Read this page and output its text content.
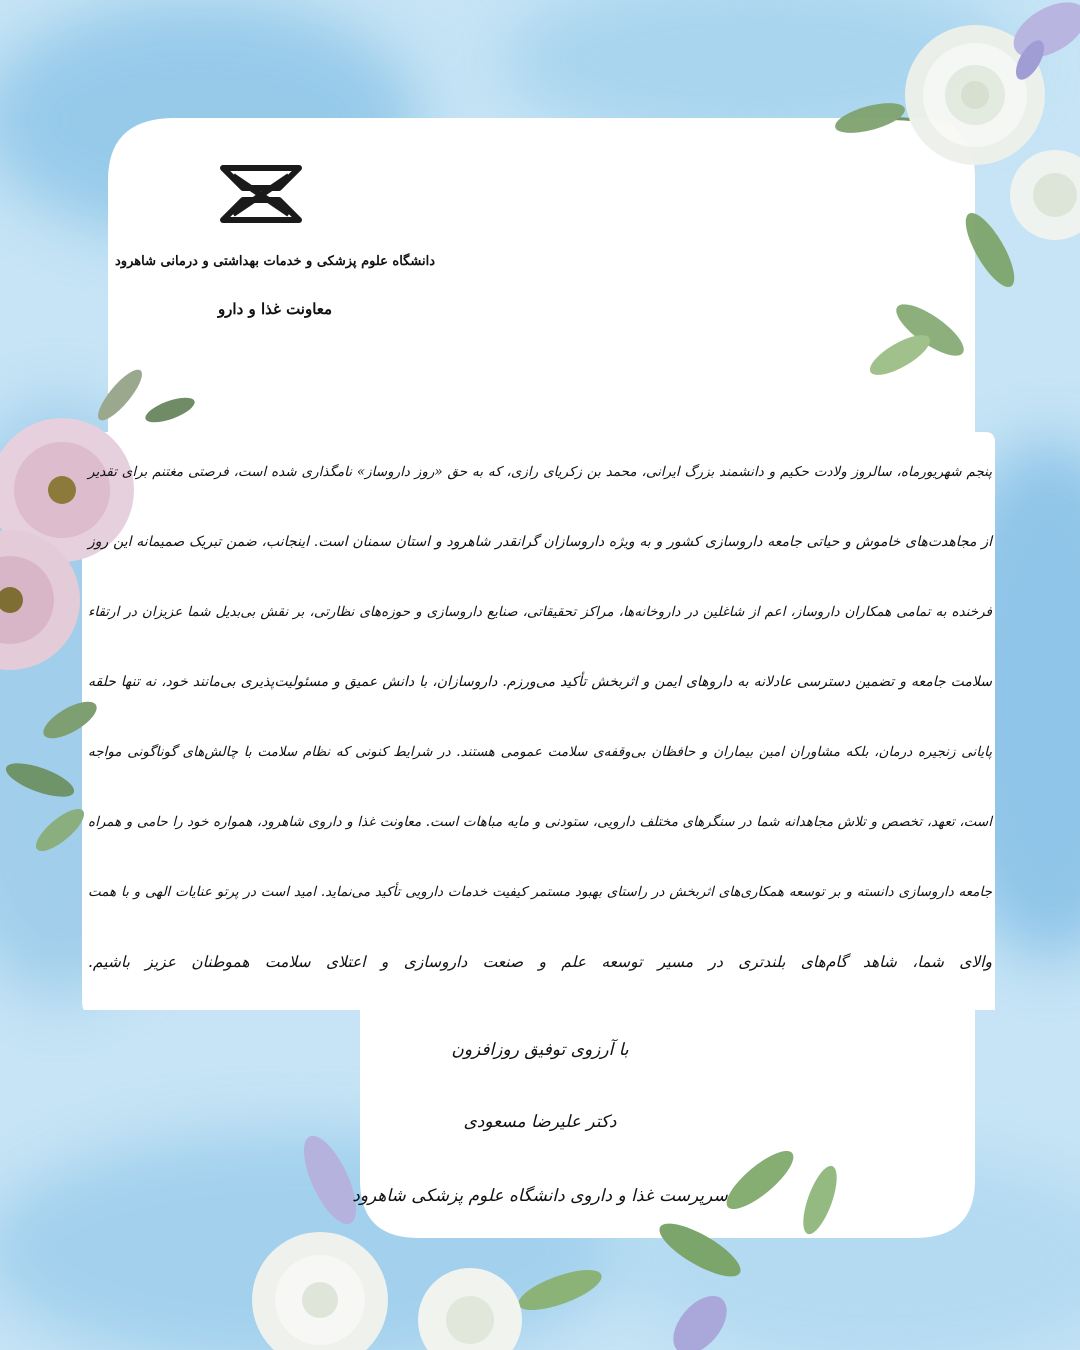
دانشگاه علوم پزشکی و خدمات بهداشتی و درمانی شاهرود
معاونت غذا و دارو
پنجم شهریورماه، سالروز ولادت حکیم و دانشمند بزرگ ایرانی، محمد بن زکریای رازی، که به حق «روز داروساز» نامگذاری شده است، فرصتی مغتنم برای تقدیر
از مجاهدت‌های خاموش و حیاتی جامعه داروسازی کشور و به ویژه داروسازان گرانقدر شاهرود و استان سمنان است. اینجانب، ضمن تبریک صمیمانه این روز
فرخنده به تمامی همکاران داروساز، اعم از شاغلین در داروخانه‌ها، مراکز تحقیقاتی، صنایع داروسازی و حوزه‌های نظارتی، بر نقش بی‌بدیل شما عزیزان در ارتقاء
سلامت جامعه و تضمین دسترسی عادلانه به داروهای ایمن و اثربخش تأکید می‌ورزم. داروسازان، با دانش عمیق و مسئولیت‌پذیری بی‌مانند خود، نه تنها حلقه
پایانی زنجیره درمان، بلکه مشاوران امین بیماران و حافظان بی‌وقفه‌ی سلامت عمومی هستند. در شرایط کنونی که نظام سلامت با چالش‌های گوناگونی مواجه
است، تعهد، تخصص و تلاش مجاهدانه شما در سنگرهای مختلف دارویی، ستودنی و مایه مباهات است. معاونت غذا و داروی شاهرود، همواره خود را حامی و همراه
جامعه داروسازی دانسته و بر توسعه همکاری‌های اثربخش در راستای بهبود مستمر کیفیت خدمات دارویی تأکید می‌نماید. امید است در پرتو عنایات الهی و با همت
والای شما، شاهد گام‌های بلندتری در مسیر توسعه علم و صنعت داروسازی و اعتلای سلامت هموطنان عزیز باشیم.
با آرزوی توفیق روزافزون
دکتر علیرضا مسعودی
سرپرست غذا و داروی دانشگاه علوم پزشکی شاهرود
